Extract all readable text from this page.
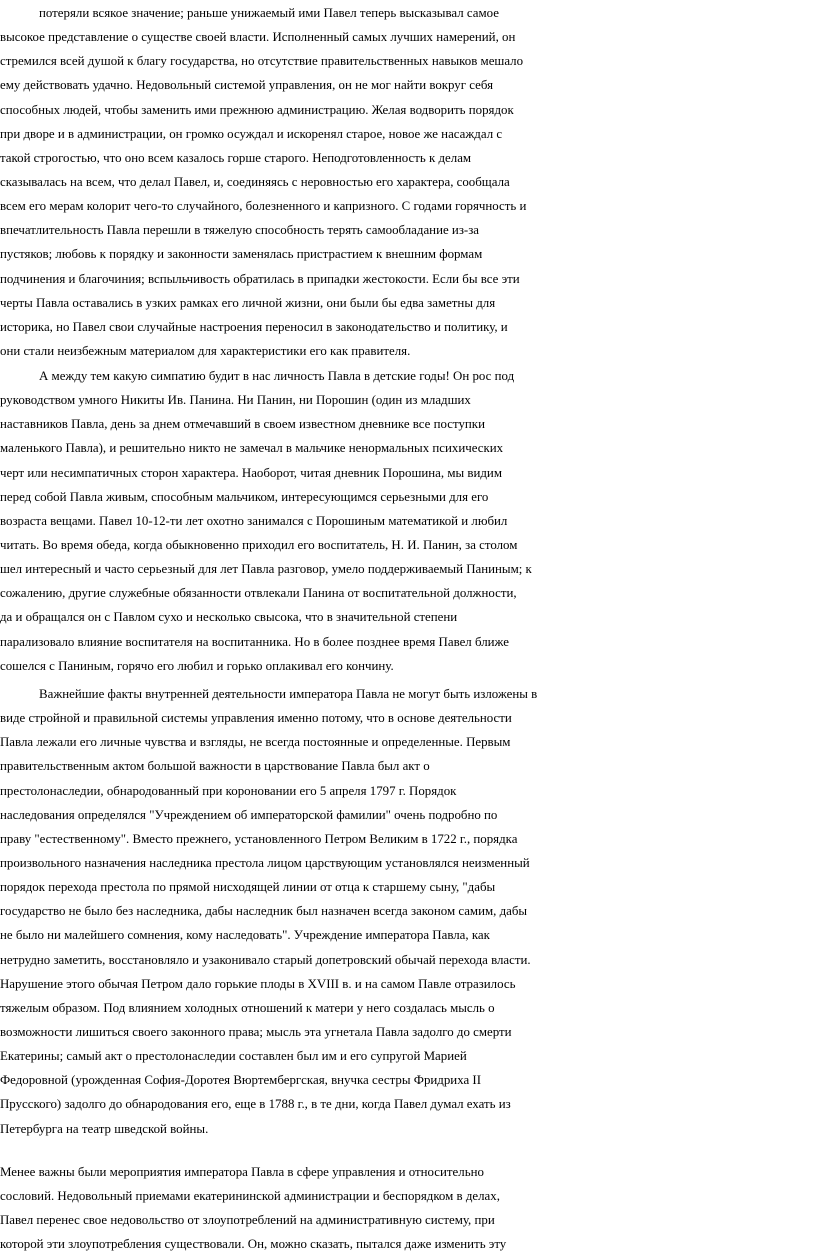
потеряли всякое значение; раньше унижаемый ими Павел теперь высказывал самое
высокое представление о существе своей власти. Исполненный самых лучших намерений, он
стремился всей душой к благу государства, но отсутствие правительственных навыков мешало
ему действовать удачно. Недовольный системой управления, он не мог найти вокруг себя
способных людей, чтобы заменить ими прежнюю администрацию. Желая водворить порядок
при дворе и в администрации, он громко осуждал и искоренял старое, новое же насаждал с
такой строгостью, что оно всем казалось горше старого. Неподготовленность к делам
сказывалась на всем, что делал Павел, и, соединяясь с неровностью его характера, сообщала
всем его мерам колорит чего-то случайного, болезненного и капризного. С годами горячность и
впечатлительность Павла перешли в тяжелую способность терять самообладание из-за
пустяков; любовь к порядку и законности заменялась пристрастием к внешним формам
подчинения и благочиния; вспыльчивость обратилась в припадки жестокости. Если бы все эти
черты Павла оставались в узких рамках его личной жизни, они были бы едва заметны для
историка, но Павел свои случайные настроения переносил в законодательство и политику, и
они стали неизбежным материалом для характеристики его как правителя.
А между тем какую симпатию будит в нас личность Павла в детские годы! Он рос под
руководством умного Никиты Ив. Панина. Ни Панин, ни Порошин (один из младших
наставников Павла, день за днем отмечавший в своем известном дневнике все поступки
маленького Павла), и решительно никто не замечал в мальчике ненормальных психических
черт или несимпатичных сторон характера. Наоборот, читая дневник Порошина, мы видим
перед собой Павла живым, способным мальчиком, интересующимся серьезными для его
возраста вещами. Павел 10-12-ти лет охотно занимался с Порошиным математикой и любил
читать. Во время обеда, когда обыкновенно приходил его воспитатель, Н. И. Панин, за столом
шел интересный и часто серьезный для лет Павла разговор, умело поддерживаемый Паниным; к
сожалению, другие служебные обязанности отвлекали Панина от воспитательной должности,
да и обращался он с Павлом сухо и несколько свысока, что в значительной степени
парализовало влияние воспитателя на воспитанника. Но в более позднее время Павел ближе
сошелся с Паниным, горячо его любил и горько оплакивал его кончину.
Важнейшие факты внутренней деятельности императора Павла не могут быть изложены в
виде стройной и правильной системы управления именно потому, что в основе деятельности
Павла лежали его личные чувства и взгляды, не всегда постоянные и определенные. Первым
правительственным актом большой важности в царствование Павла был акт о
престолонаследии, обнародованный при короновании его 5 апреля 1797 г. Порядок
наследования определялся "Учреждением об императорской фамилии" очень подробно по
праву "естественному". Вместо прежнего, установленного Петром Великим в 1722 г., порядка
произвольного назначения наследника престола лицом царствующим установлялся неизменный
порядок перехода престола по прямой нисходящей линии от отца к старшему сыну, "дабы
государство не было без наследника, дабы наследник был назначен всегда законом самим, дабы
не было ни малейшего сомнения, кому наследовать". Учреждение императора Павла, как
нетрудно заметить, восстановляло и узаконивало старый допетровский обычай перехода власти.
Нарушение этого обычая Петром дало горькие плоды в XVIII в. и на самом Павле отразилось
тяжелым образом. Под влиянием холодных отношений к матери у него создалась мысль о
возможности лишиться своего законного права; мысль эта угнетала Павла задолго до смерти
Екатерины; самый акт о престолонаследии составлен был им и его супругой Марией
Федоровной (урожденная София-Доротея Вюртембергская, внучка сестры Фридриха II
Прусского) задолго до обнародования его, еще в 1788 г., в те дни, когда Павел думал ехать из
Петербурга на театр шведской войны.
Менее важны были мероприятия императора Павла в сфере управления и относительно
сословий. Недовольный приемами екатерининской администрации и беспорядком в делах,
Павел перенес свое недовольство от злоупотреблений на административную систему, при
которой эти злоупотребления существовали. Он, можно сказать, пытался даже изменить эту
